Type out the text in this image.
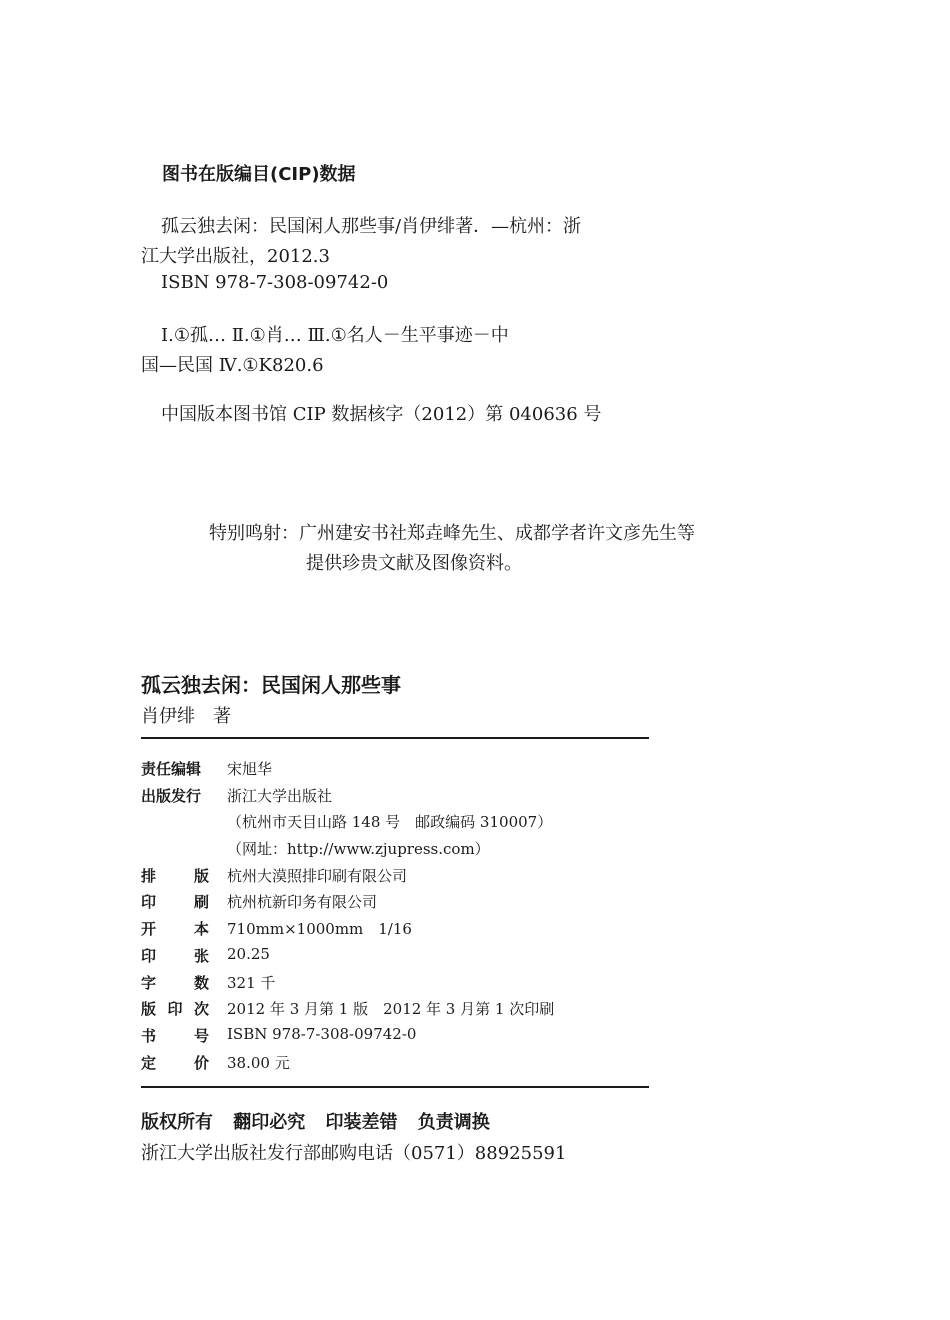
图书在版编目(CIP)数据
孤云独去闲：民国闲人那些事/肖伊绯著．—杭州：浙
江大学出版社，2012.3
ISBN 978-7-308-09742-0
Ⅰ.①孤… Ⅱ.①肖… Ⅲ.①名人－生平事迹－中
国—民国 Ⅳ.①K820.6
中国版本图书馆 CIP 数据核字（2012）第 040636 号
特别鸣射：广州建安书社郑垚峰先生、成都学者许文彦先生等
提供珍贵文献及图像资料。
孤云独去闲：民国闲人那些事
肖伊绯　著
责任编辑 宋旭华
出版发行 浙江大学出版社
（杭州市天目山路 148 号　邮政编码 310007）
（网址：http://www.zjupress.com）
排	版 杭州大漠照排印刷有限公司
印	刷 杭州杭新印务有限公司
开	本 710mm×1000mm　1/16
印	张 20.25
字	数 321 千
版 印 次 2012 年 3 月第 1 版　2012 年 3 月第 1 次印刷
书	号 ISBN 978-7-308-09742-0
定	价 38.00 元
版权所有 翻印必究 印装差错 负责调换
浙江大学出版社发行部邮购电话（0571）88925591
